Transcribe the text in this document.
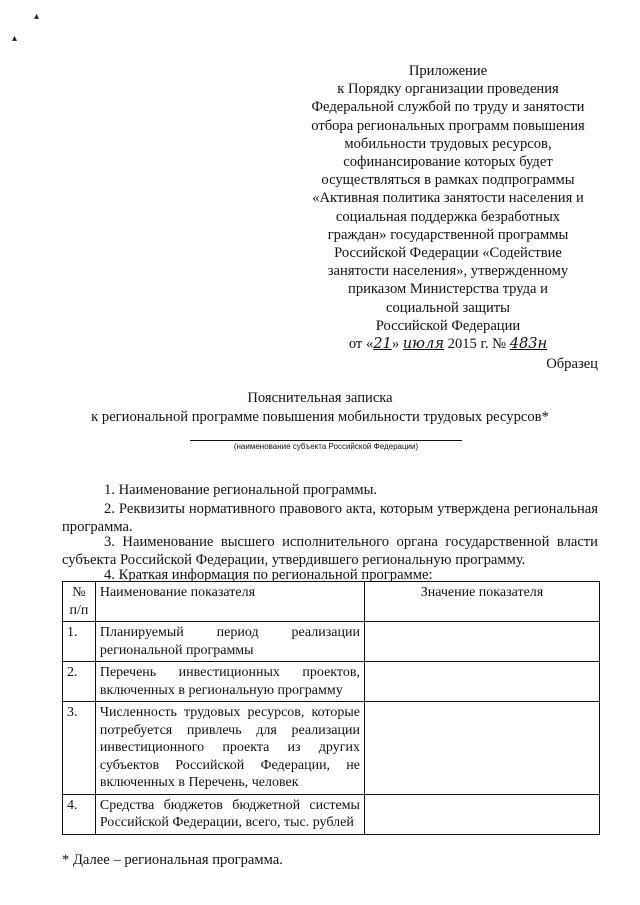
▴
▴
Приложение
к Порядку организации проведения
Федеральной службой по труду и занятости
отбора региональных программ повышения
мобильности трудовых ресурсов,
софинансирование которых будет
осуществляться в рамках подпрограммы
«Активная политика занятости населения и
социальная поддержка безработных
граждан» государственной программы
Российской Федерации «Содействие
занятости населения», утвержденному
приказом Министерства труда и
социальной защиты
Российской Федерации
от «21» июля 2015 г. № 483н
Образец
Пояснительная записка
к региональной программе повышения мобильности трудовых ресурсов*
(наименование субъекта Российской Федерации)
1. Наименование региональной программы.
2. Реквизиты нормативного правового акта, которым утверждена региональная программа.
3. Наименование высшего исполнительного органа государственной власти субъекта Российской Федерации, утвердившего региональную программу.
4. Краткая информация по региональной программе:
№ п/п	Наименование показателя	Значение показателя
1.	Планируемый период реализации региональной программы	
2.	Перечень инвестиционных проектов, включенных в региональную программу	
3.	Численность трудовых ресурсов, которые потребуется привлечь для реализации инвестиционного проекта из других субъектов Российской Федерации, не включенных в Перечень, человек	
4.	Средства бюджетов бюджетной системы Российской Федерации, всего, тыс. рублей	
* Далее – региональная программа.
